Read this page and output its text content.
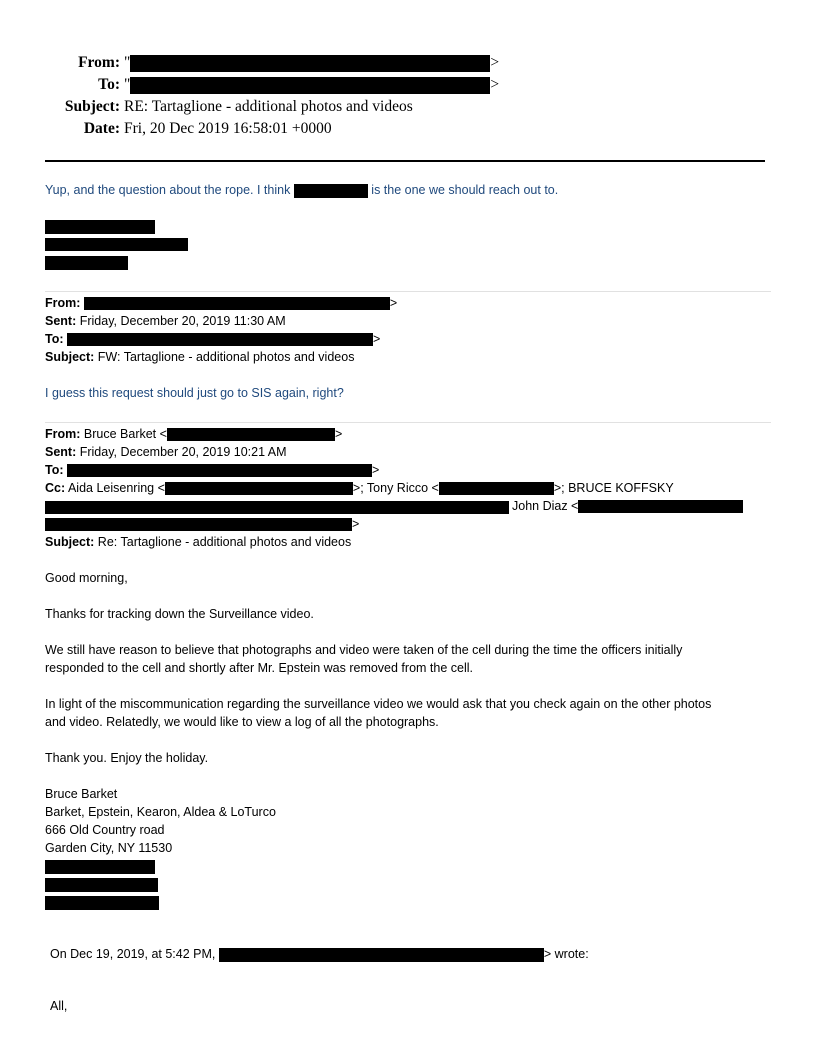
From: "	>
To: "	>
Subject: RE: Tartaglione - additional photos and videos
Date: Fri, 20 Dec 2019 16:58:01 +0000
Yup, and the question about the rope. I think	is the one we should reach out to.
From:	>
Sent: Friday, December 20, 2019 11:30 AM
To:	>
Subject: FW: Tartaglione - additional photos and videos
I guess this request should just go to SIS again, right?
From: Bruce Barket <	>
Sent: Friday, December 20, 2019 10:21 AM
To:	>
Cc: Aida Leisenring <	>; Tony Ricco <	>; BRUCE KOFFSKY
John Diaz <
>
Subject: Re: Tartaglione - additional photos and videos
Good morning,
Thanks for tracking down the Surveillance video.
We still have reason to believe that photographs and video were taken of the cell during the time the officers initially
responded to the cell and shortly after Mr. Epstein was removed from the cell.
In light of the miscommunication regarding the surveillance video we would ask that you check again on the other photos
and video. Relatedly, we would like to view a log of all the photographs.
Thank you. Enjoy the holiday.
Bruce Barket
Barket, Epstein, Kearon, Aldea & LoTurco
666 Old Country road
Garden City, NY 11530
On Dec 19, 2019, at 5:42 PM,	> wrote:
All,
